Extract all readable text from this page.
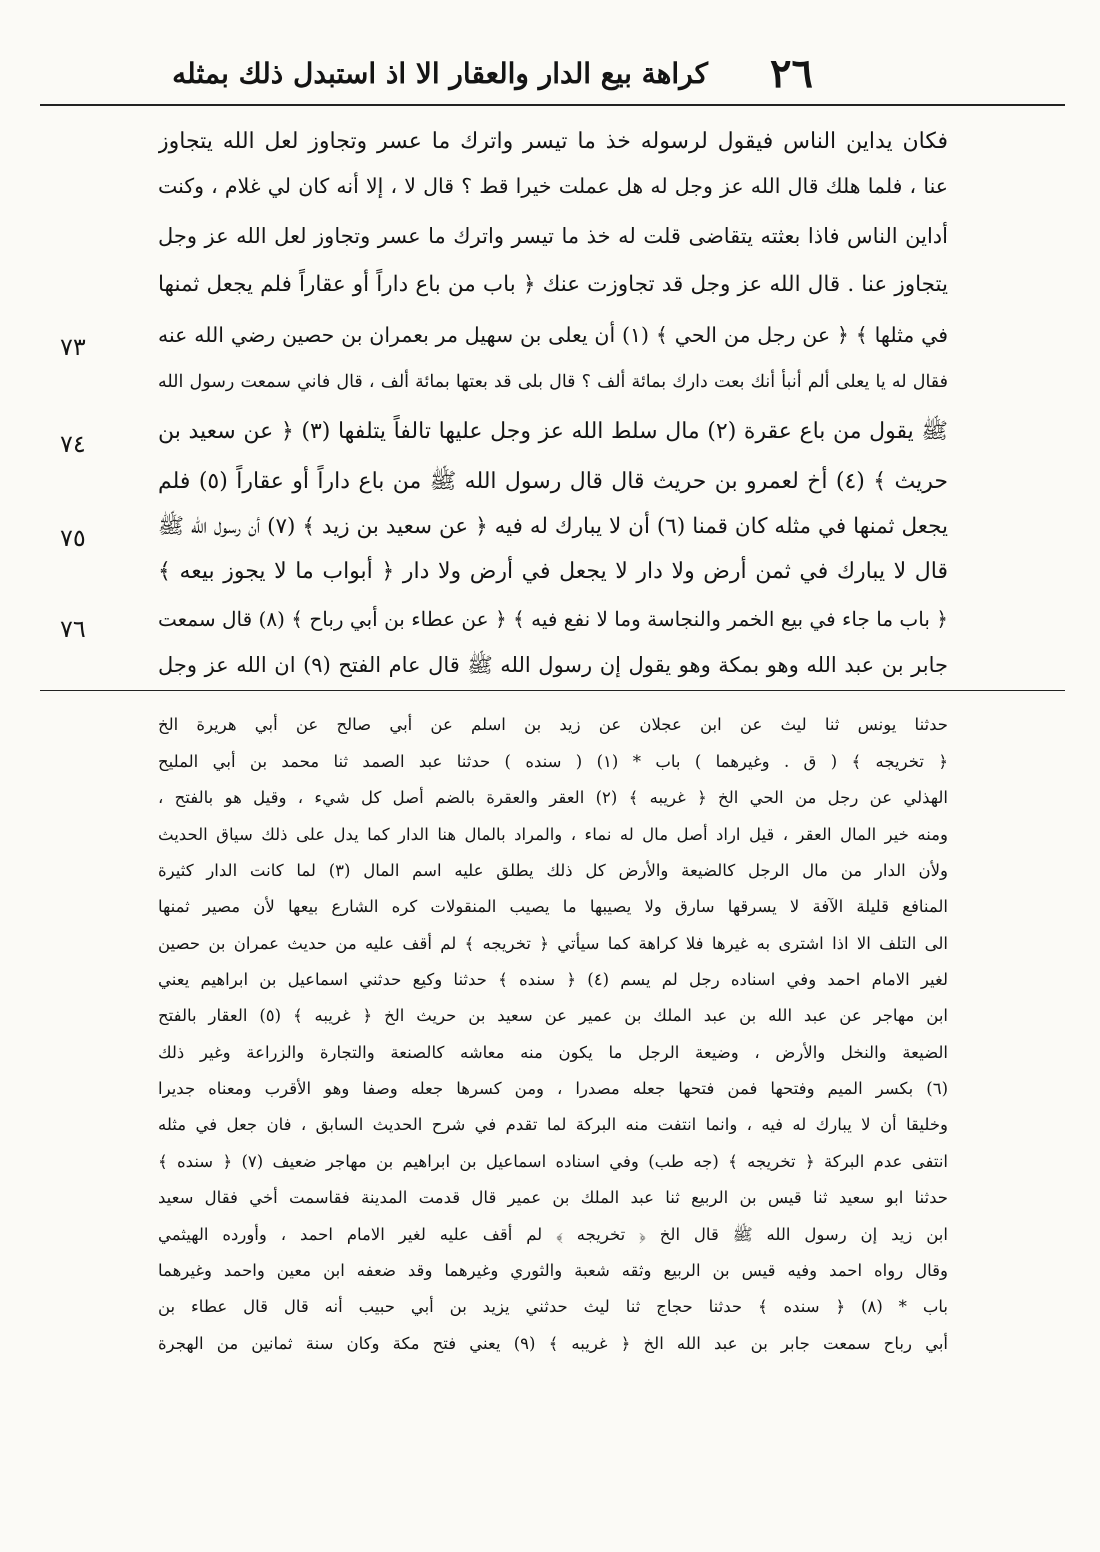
٢٦
كراهة بيع الدار والعقار الا اذ استبدل ذلك بمثله
فكان يداين الناس فيقول لرسوله خذ ما تيسر واترك ما عسر وتجاوز لعل الله يتجاوز
عنا ، فلما هلك قال الله عز وجل له هل عملت خيرا قط ؟ قال لا ، إلا أنه كان لي غلام ، وكنت
أداين الناس فاذا بعثته يتقاضى قلت له خذ ما تيسر واترك ما عسر وتجاوز لعل الله عز وجل
يتجاوز عنا . قال الله عز وجل قد تجاوزت عنك ﴿ باب من باع داراً أو عقاراً فلم يجعل ثمنها
في مثلها ﴾ ﴿ عن رجل من الحي ﴾ (١) أن يعلى بن سهيل مر بعمران بن حصين رضي الله عنه
فقال له يا يعلى ألم أنبأ أنك بعت دارك بمائة ألف ؟ قال بلى قد بعتها بمائة ألف ، قال فاني سمعت رسول الله
ﷺ يقول من باع عقرة (٢) مال سلط الله عز وجل عليها تالفاً يتلفها (٣) ﴿ عن سعيد بن
حريث ﴾ (٤) أخ لعمرو بن حريث قال قال رسول الله ﷺ من باع داراً أو عقاراً (٥) فلم
يجعل ثمنها في مثله كان قمنا (٦) أن لا يبارك له فيه ﴿ عن سعيد بن زيد ﴾ (٧) أن رسول الله ﷺ
قال لا يبارك في ثمن أرض ولا دار لا يجعل في أرض ولا دار ﴿ أبواب ما لا يجوز بيعه ﴾
﴿ باب ما جاء في بيع الخمر والنجاسة وما لا نفع فيه ﴾ ﴿ عن عطاء بن أبي رباح ﴾ (٨) قال سمعت
جابر بن عبد الله وهو بمكة وهو يقول إن رسول الله ﷺ قال عام الفتح (٩) ان الله عز وجل
٧٣
٧٤
٧٥
٧٦
حدثنا يونس ثنا ليث عن ابن عجلان عن زيد بن اسلم عن أبي صالح عن أبي هريرة الخ
﴿ تخريجه ﴾ ( ق . وغيرهما ) باب * (١) ( سنده ) حدثنا عبد الصمد ثنا محمد بن أبي المليح
الهذلي عن رجل من الحي الخ ﴿ غريبه ﴾ (٢) العقر والعقرة بالضم أصل كل شيء ، وقيل هو بالفتح ،
ومنه خير المال العقر ، قيل اراد أصل مال له نماء ، والمراد بالمال هنا الدار كما يدل على ذلك سياق الحديث
ولأن الدار من مال الرجل كالضيعة والأرض كل ذلك يطلق عليه اسم المال (٣) لما كانت الدار كثيرة
المنافع قليلة الآفة لا يسرقها سارق ولا يصيبها ما يصيب المنقولات كره الشارع بيعها لأن مصير ثمنها
الى التلف الا اذا اشترى به غيرها فلا كراهة كما سيأتي ﴿ تخريجه ﴾ لم أقف عليه من حديث عمران بن حصين
لغير الامام احمد وفي اسناده رجل لم يسم (٤) ﴿ سنده ﴾ حدثنا وكيع حدثني اسماعيل بن ابراهيم يعني
ابن مهاجر عن عبد الله بن عبد الملك بن عمير عن سعيد بن حريث الخ ﴿ غريبه ﴾ (٥) العقار بالفتح
الضيعة والنخل والأرض ، وضيعة الرجل ما يكون منه معاشه كالصنعة والتجارة والزراعة وغير ذلك
(٦) بكسر الميم وفتحها فمن فتحها جعله مصدرا ، ومن كسرها جعله وصفا وهو الأقرب ومعناه جديرا
وخليقا أن لا يبارك له فيه ، وانما انتفت منه البركة لما تقدم في شرح الحديث السابق ، فان جعل في مثله
انتفى عدم البركة ﴿ تخريجه ﴾ (جه طب) وفي اسناده اسماعيل بن ابراهيم بن مهاجر ضعيف (٧) ﴿ سنده ﴾
حدثنا ابو سعيد ثنا قيس بن الربيع ثنا عبد الملك بن عمير قال قدمت المدينة فقاسمت أخي فقال سعيد
ابن زيد إن رسول الله ﷺ قال الخ ﴿ تخريجه ﴾ لم أقف عليه لغير الامام احمد ، وأورده الهيثمي
وقال رواه احمد وفيه قيس بن الربيع وثقه شعبة والثوري وغيرهما وقد ضعفه ابن معين واحمد وغيرهما
باب * (٨) ﴿ سنده ﴾ حدثنا حجاج ثنا ليث حدثني يزيد بن أبي حبيب أنه قال قال عطاء بن
أبي رباح سمعت جابر بن عبد الله الخ ﴿ غريبه ﴾ (٩) يعني فتح مكة وكان سنة ثمانين من الهجرة
